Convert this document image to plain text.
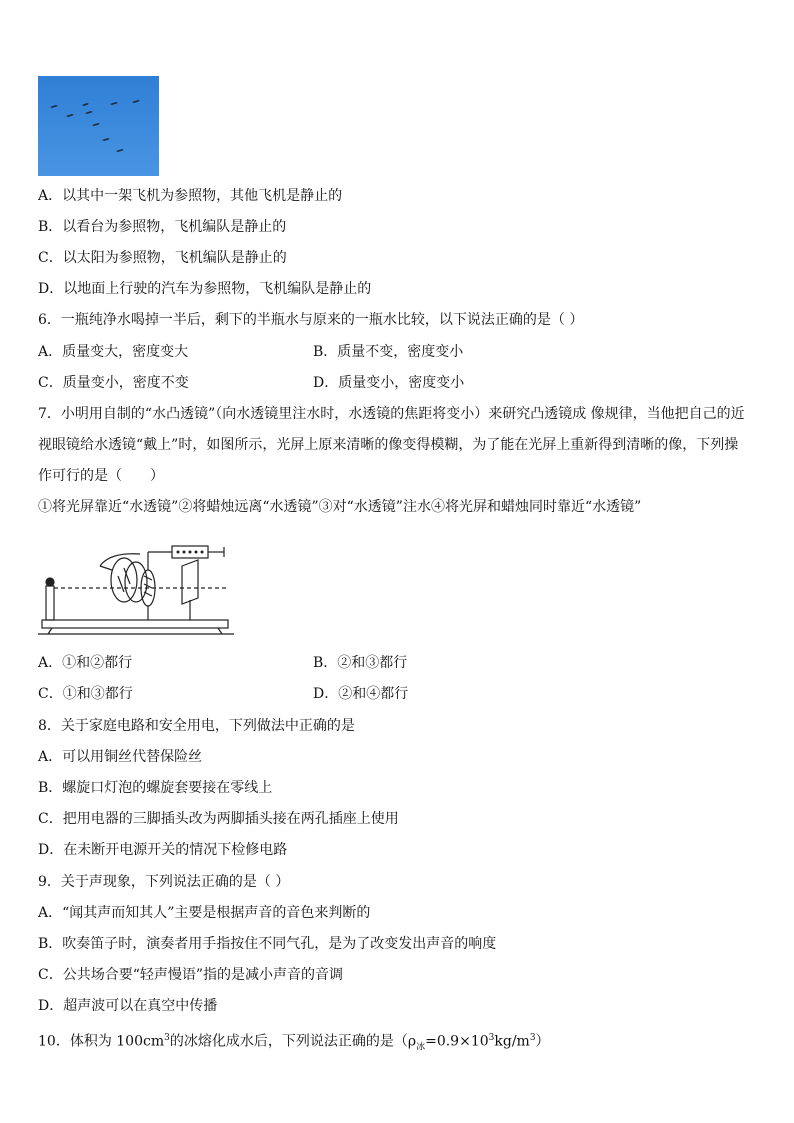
A．以其中一架飞机为参照物，其他飞机是静止的
B．以看台为参照物，飞机编队是静止的
C．以太阳为参照物，飞机编队是静止的
D．以地面上行驶的汽车为参照物，飞机编队是静止的
6．一瓶纯净水喝掉一半后，剩下的半瓶水与原来的一瓶水比较，以下说法正确的是（ ）
A．质量变大，密度变大	B．质量不变，密度变小
C．质量变小，密度不变	D．质量变小，密度变小
7．小明用自制的“水凸透镜”（向水透镜里注水时，水透镜的焦距将变小）来研究凸透镜成 像规律，当他把自己的近
视眼镜给水透镜“戴上”时，如图所示，光屏上原来清晰的像变得模糊，为了能在光屏上重新得到清晰的像，下列操
作可行的是（　　）
①将光屏靠近“水透镜”②将蜡烛远离“水透镜”③对“水透镜”注水④将光屏和蜡烛同时靠近“水透镜”
A．①和②都行	B．②和③都行
C．①和③都行	D．②和④都行
8．关于家庭电路和安全用电，下列做法中正确的是
A．可以用铜丝代替保险丝
B．螺旋口灯泡的螺旋套要接在零线上
C．把用电器的三脚插头改为两脚插头接在两孔插座上使用
D．在未断开电源开关的情况下检修电路
9．关于声现象，下列说法正确的是（ ）
A．“闻其声而知其人”主要是根据声音的音色来判断的
B．吹奏笛子时，演奏者用手指按住不同气孔，是为了改变发出声音的响度
C．公共场合要“轻声慢语”指的是减小声音的音调
D．超声波可以在真空中传播
10．体积为 $100cm^3$的冰熔化成水后，下列说法正确的是$(\rho_冰=0.9\times 10^3kg/m^3)$
